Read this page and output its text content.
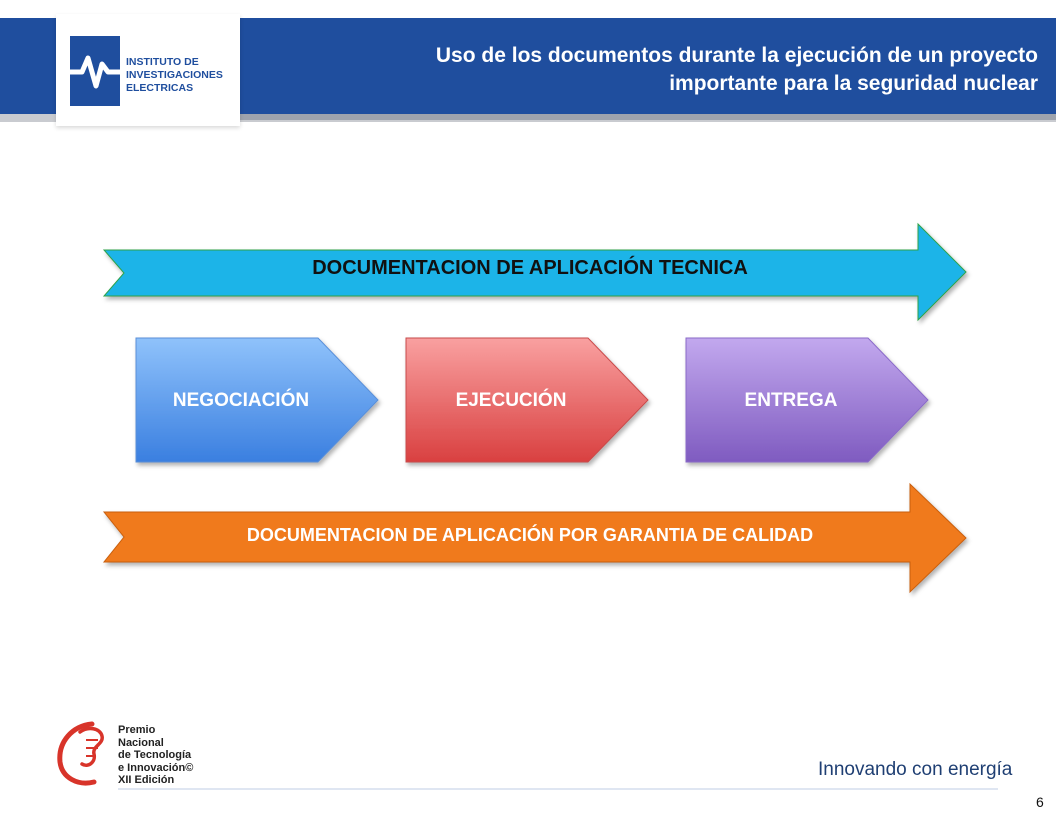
INSTITUTO DE
INVESTIGACIONES
ELECTRICAS
Uso de los documentos durante la ejecución de un proyecto
importante para la seguridad nuclear
DOCUMENTACION DE APLICACIÓN TECNICA
NEGOCIACIÓN	EJECUCIÓN	ENTREGA
DOCUMENTACION DE APLICACIÓN POR GARANTIA DE CALIDAD
Premio
Nacional
de Tecnología
e Innovación©
XII Edición	Innovando con energía
6
